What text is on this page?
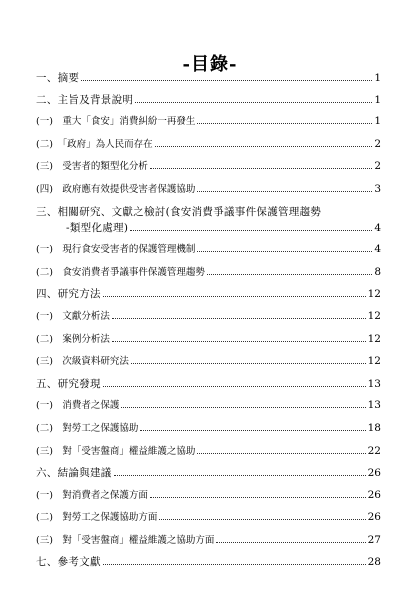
-目錄-
一、摘要	1
二、主旨及背景說明	1
(一)　重大「食安」消費糾紛一再發生	1
(二)　「政府」為人民而存在	2
(三)　受害者的類型化分析	2
(四)　政府應有效提供受害者保護協助	3
三、相關研究、文獻之檢討(食安消費爭議事件保護管理趨勢
-類型化處理)	4
(一)　現行食安受害者的保護管理機制	4
(二)　食安消費者爭議事件保護管理趨勢	8
四、研究方法	12
(一)　文獻分析法	12
(二)　案例分析法	12
(三)　次級資料研究法	12
五、研究發現	13
(一)　消費者之保護	13
(二)　對勞工之保護協助	18
(三)　對「受害盤商」權益維護之協助	22
六、結論與建議	26
(一)　對消費者之保護方面	26
(二)　對勞工之保護協助方面	26
(三)　對「受害盤商」權益維護之協助方面	27
七、參考文獻	28
